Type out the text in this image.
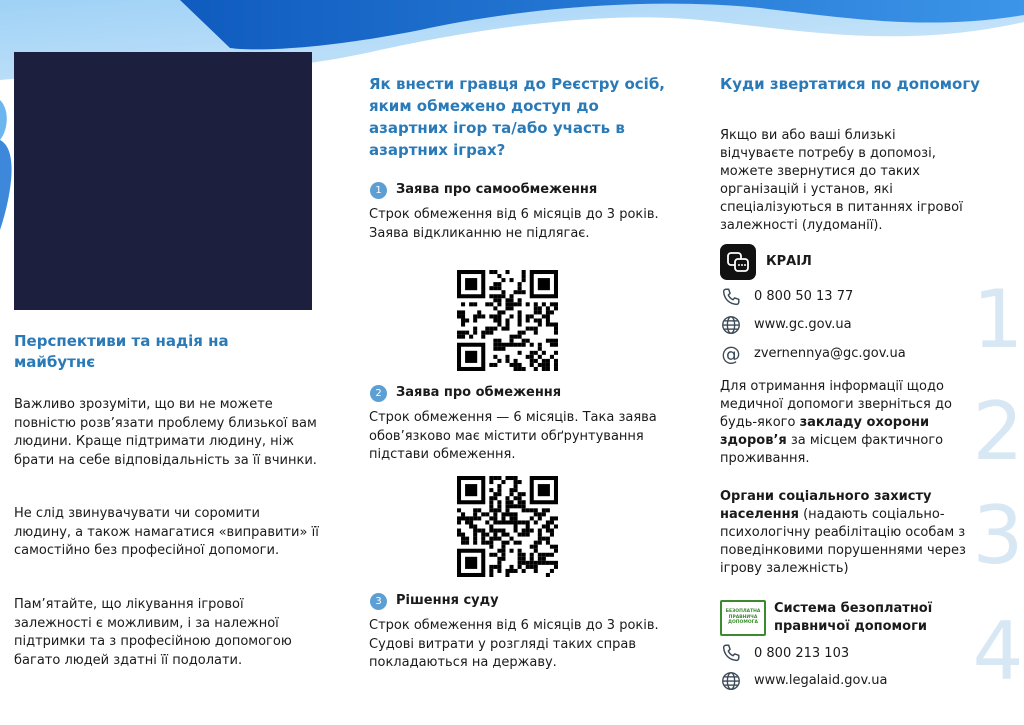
Перспективи та надія на майбутнє

Важливо зрозуміти, що ви не можете повністю розв’язати проблему близької вам людини. Краще підтримати людину, ніж брати на себе відповідальність за її вчинки.

Не слід звинувачувати чи соромити людину, а також намагатися «виправити» її самостійно без професійної допомоги.

Пам’ятайте, що лікування ігрової залежності є можливим, і за належної підтримки та з професійною допомогою багато людей здатні її подолати.

Як внести гравця до Реєстру осіб, яким обмежено доступ до азартних ігор та/або участь в азартних іграх?
1	Заява про самообмеження

Строк обмеження від 6 місяців до 3 років. Заява відкликанню не підлягає.

2	Заява про обмеження

Строк обмеження — 6 місяців. Така заява обов’язково має містити обґрунтування підстави обмеження.

3	Рішення суду

Строк обмеження від 6 місяців до 3 років. Судові витрати у розгляді таких справ покладаються на державу.

Куди звертатися по допомогу

Якщо ви або ваші близькі відчуваєте потребу в допомозі, можете звернутися до таких організацій і установ, які спеціалізуються в питаннях ігрової залежності (лудоманії).

КРАІЛ

0 800 50 13 77

www.gc.gov.ua

@ zvernennya@gc.gov.ua

Для отримання інформації щодо медичної допомоги зверніться до будь-якого закладу охорони здоров’я за місцем фактичного проживання.

Органи соціального захисту населення (надають соціально-психологічну реабілітацію особам з поведінковими порушеннями через ігрову залежність)

БЕЗОПЛАТНА ПРАВНИЧА ДОПОМОГА

Система безоплатної правничої допомоги

0 800 213 103

www.legalaid.gov.ua

1
2
3
4
